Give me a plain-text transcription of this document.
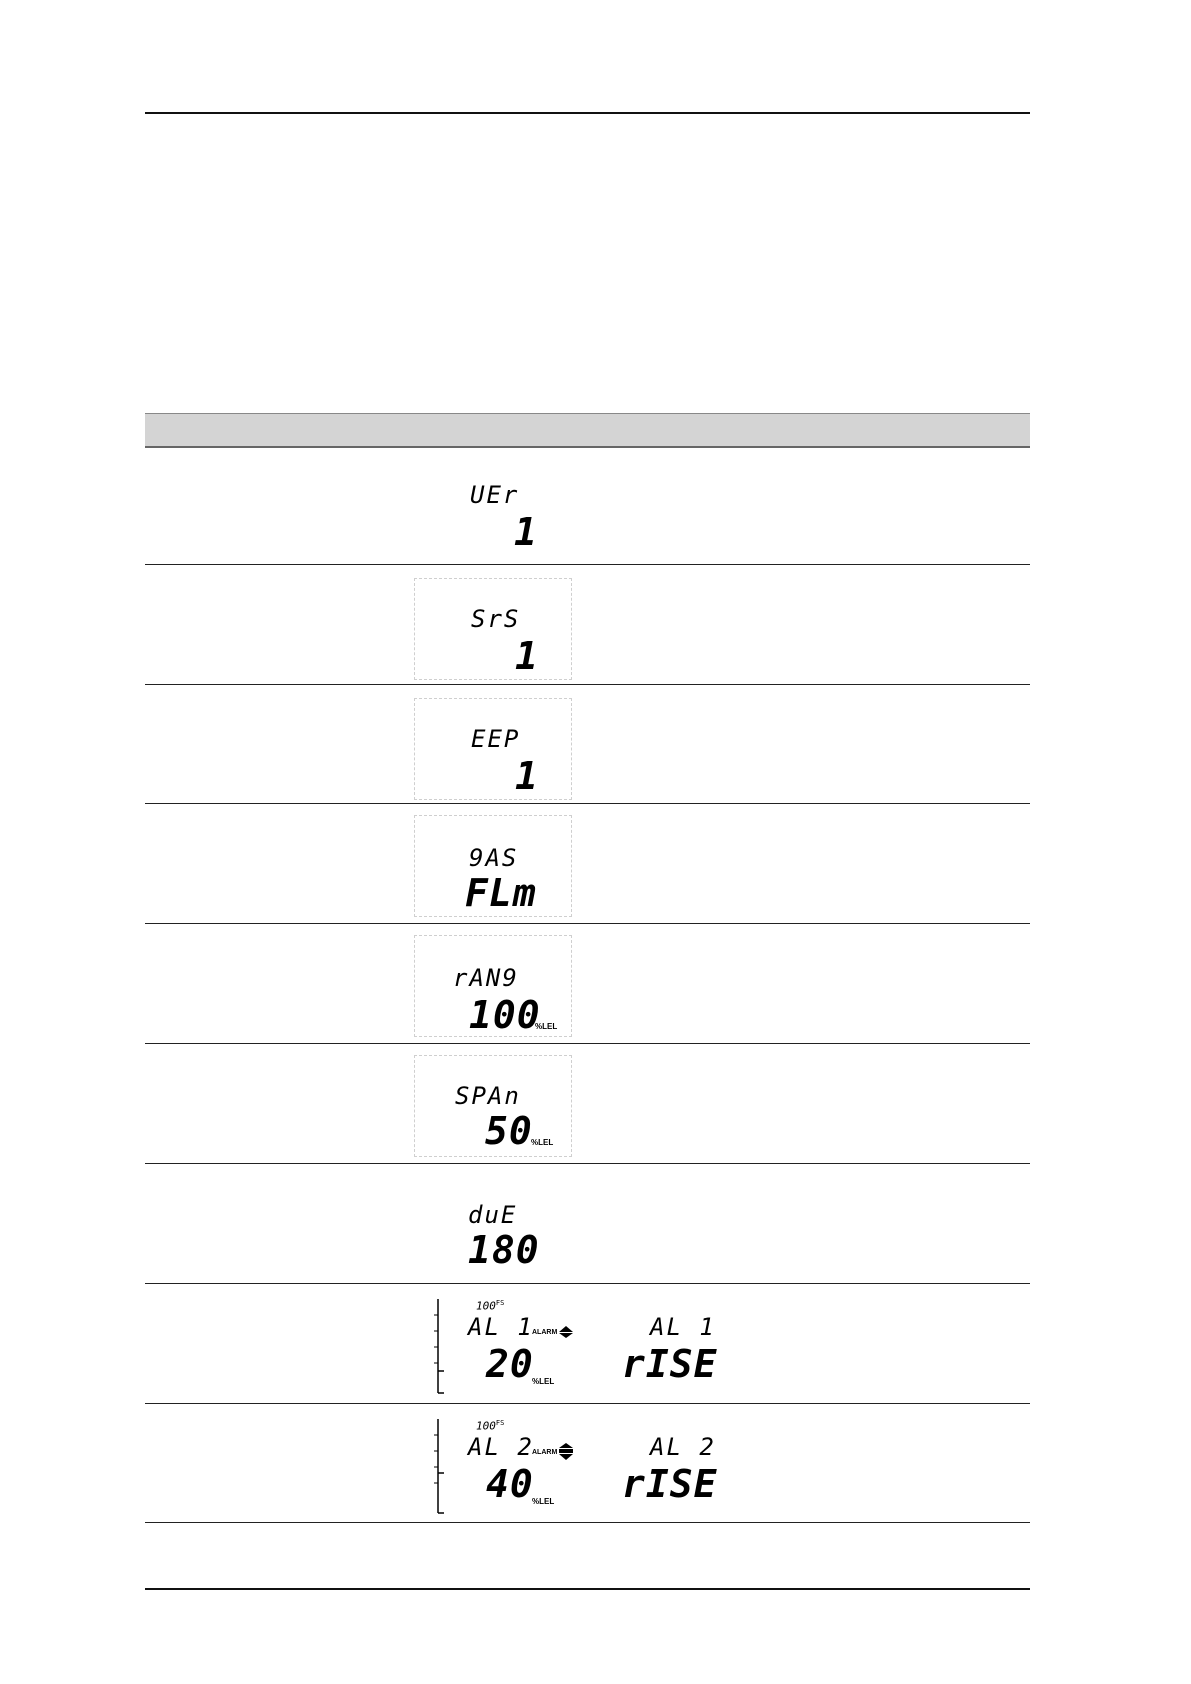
UEr
1
SrS
1
EEP
1
9AS
FLm
rAN9
100
%LEL
SPAn
50
%LEL
duE
180
$100^{FS}$
AL 1
ALARM
20
%LEL
AL 1
rISE
$100^{FS}$
AL 2
ALARM
40
%LEL
AL 2
rISE
